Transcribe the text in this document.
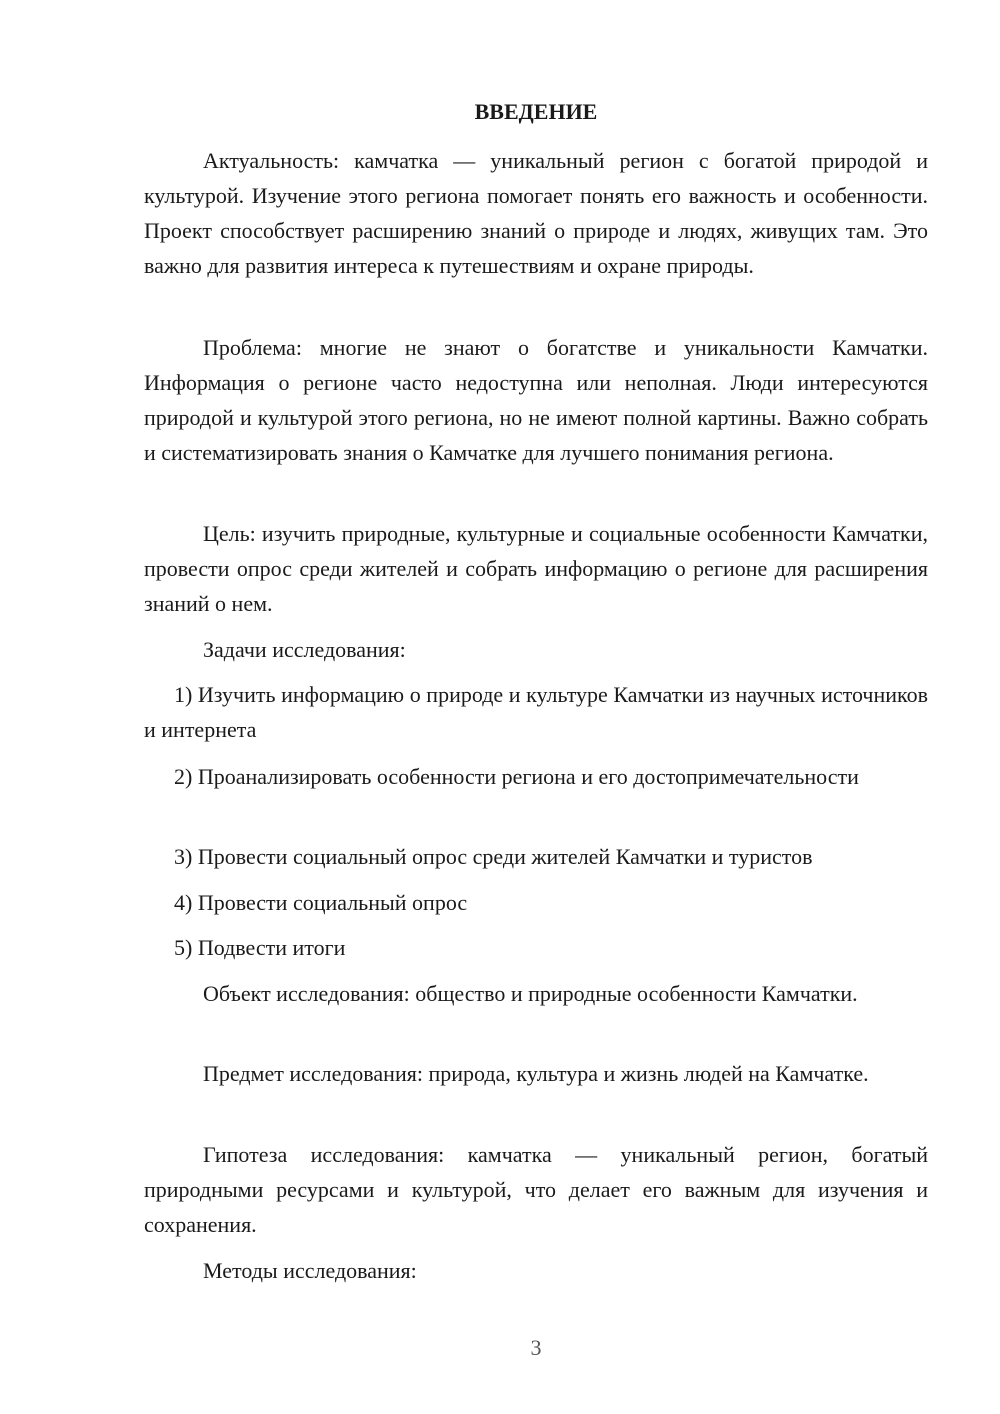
ВВЕДЕНИЕ

Актуальность: камчатка — уникальный регион с богатой природой и культурой. Изучение этого региона помогает понять его важность и особенности. Проект способствует расширению знаний о природе и людях, живущих там. Это важно для развития интереса к путешествиям и охране природы.

Проблема: многие не знают о богатстве и уникальности Камчатки. Информация о регионе часто недоступна или неполная. Люди интересуются природой и культурой этого региона, но не имеют полной картины. Важно собрать и систематизировать знания о Камчатке для лучшего понимания региона.

Цель: изучить природные, культурные и социальные особенности Камчатки, провести опрос среди жителей и собрать информацию о регионе для расширения знаний о нем.

Задачи исследования:

1) Изучить информацию о природе и культуре Камчатки из научных источников и интернета

2) Проанализировать особенности региона и его достопримечательности

3) Провести социальный опрос среди жителей Камчатки и туристов

4) Провести социальный опрос

5) Подвести итоги

Объект исследования: общество и природные особенности Камчатки.

Предмет исследования: природа, культура и жизнь людей на Камчатке.

Гипотеза исследования: камчатка — уникальный регион, богатый природными ресурсами и культурой, что делает его важным для изучения и сохранения.

Методы исследования:

3
